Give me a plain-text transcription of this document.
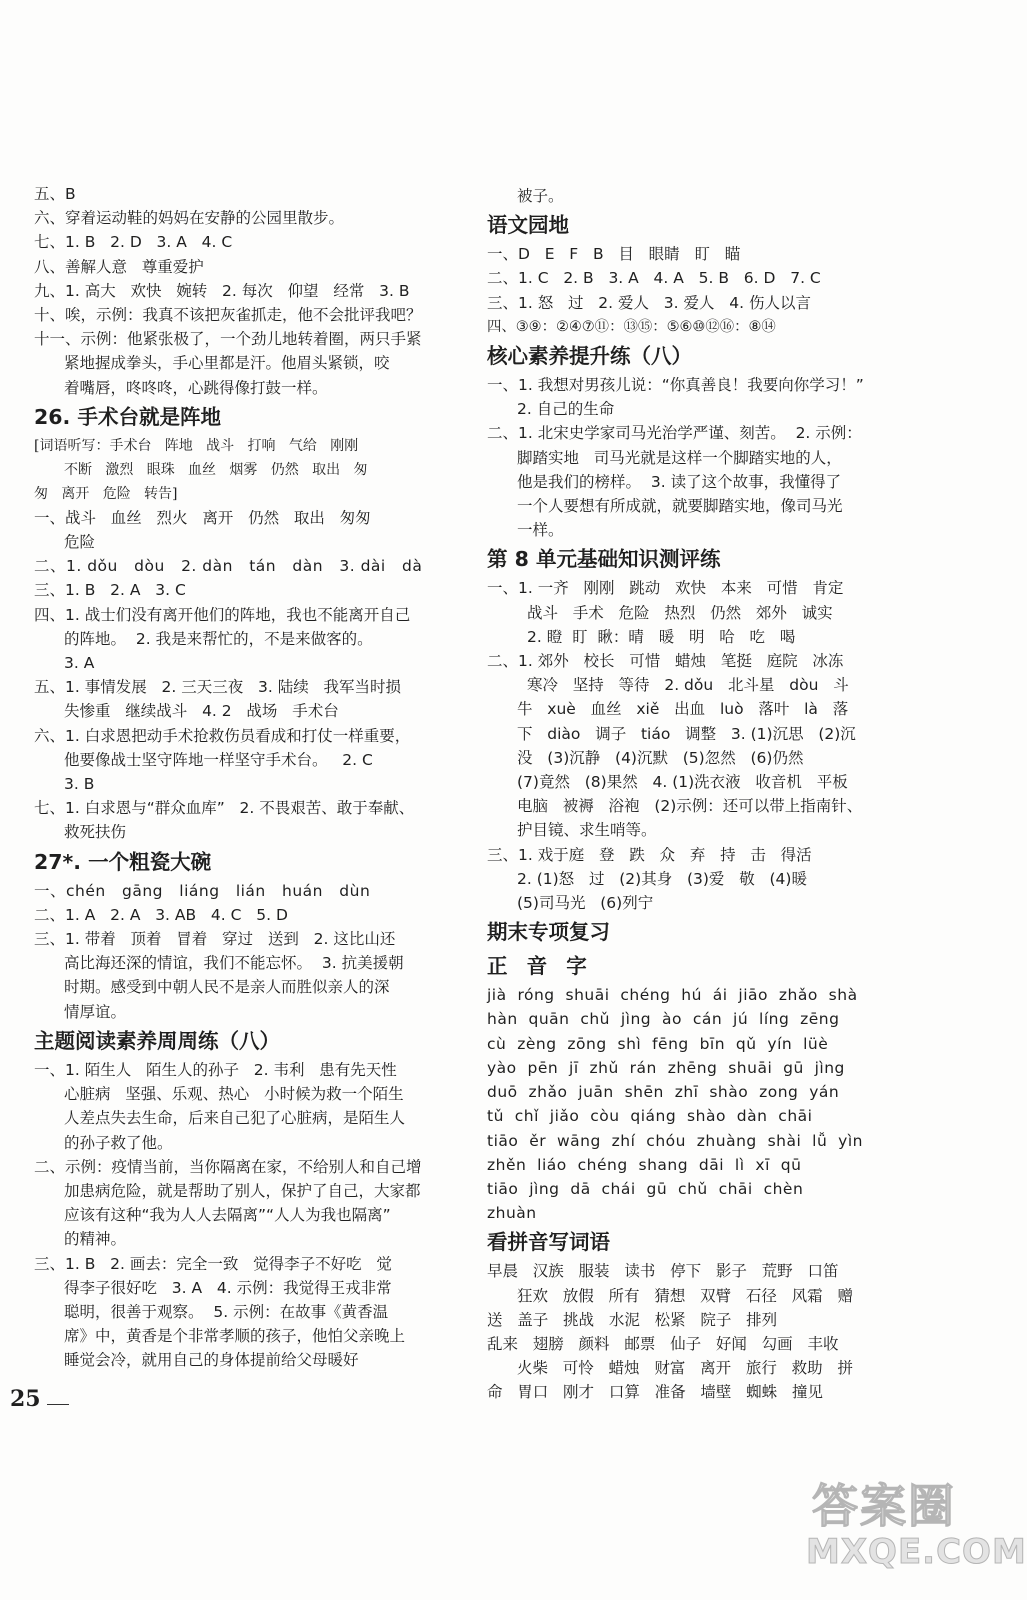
五、B
六、穿着运动鞋的妈妈在安静的公园里散步。
七、1. B   2. D   3. A   4. C
八、善解人意   尊重爱护
九、1. 高大   欢快   婉转   2. 每次   仰望   经常   3. B
十、唉，示例：我真不该把灰雀抓走，他不会批评我吧？
十一、示例：他紧张极了，一个劲儿地转着圈，两只手紧
紧地握成拳头，手心里都是汗。他眉头紧锁，咬
着嘴唇，咚咚咚，心跳得像打鼓一样。
26. 手术台就是阵地
[词语听写：手术台   阵地   战斗   打响   气给   刚刚
不断   激烈   眼珠   血丝   烟雾   仍然   取出   匆
匆   离开   危险   转告]
一、战斗   血丝   烈火   离开   仍然   取出   匆匆
危险
二、1. dǒu   dòu   2. dàn   tán   dàn   3. dài   dà
三、1. B   2. A   3. C
四、1. 战士们没有离开他们的阵地，我也不能离开自己
的阵地。  2. 我是来帮忙的，不是来做客的。
3. A
五、1. 事情发展   2. 三天三夜   3. 陆续   我军当时损
失惨重   继续战斗   4. 2   战场   手术台
六、1. 白求恩把动手术抢救伤员看成和打仗一样重要，
他要像战士坚守阵地一样坚守手术台。   2. C
3. B
七、1. 白求恩与“群众血库”   2. 不畏艰苦、敢于奉献、
救死扶伤
27*. 一个粗瓷大碗
一、chén   gāng   liáng   lián   huán   dùn
二、1. A   2. A   3. AB   4. C   5. D
三、1. 带着   顶着   冒着   穿过   送到   2. 这比山还
高比海还深的情谊，我们不能忘怀。  3. 抗美援朝
时期。感受到中朝人民不是亲人而胜似亲人的深
情厚谊。
主题阅读素养周周练（八）
一、1. 陌生人   陌生人的孙子   2. 韦利   患有先天性
心脏病   坚强、乐观、热心   小时候为救一个陌生
人差点失去生命，后来自己犯了心脏病，是陌生人
的孙子救了他。
二、示例：疫情当前，当你隔离在家，不给别人和自己增
加患病危险，就是帮助了别人，保护了自己，大家都
应该有这种“我为人人去隔离”“人人为我也隔离”
的精神。
三、1. B   2. 画去：完全一致   觉得李子不好吃   觉
得李子很好吃   3. A   4. 示例：我觉得王戎非常
聪明，很善于观察。  5. 示例：在故事《黄香温
席》中，黄香是个非常孝顺的孩子，他怕父亲晚上
睡觉会冷，就用自己的身体提前给父母暖好
被子。
语文园地
一、D   E   F   B   目   眼睛   盯   瞄
二、1. C   2. B   3. A   4. A   5. B   6. D   7. C
三、1. 怒   过   2. 爱人   3. 爱人   4. 伤人以言
四、③⑨：②④⑦⑪：⑬⑮：⑤⑥⑩⑫⑯：⑧⑭
核心素养提升练（八）
一、1. 我想对男孩儿说：“你真善良！我要向你学习！”
2. 自己的生命
二、1. 北宋史学家司马光治学严谨、刻苦。  2. 示例：
脚踏实地   司马光就是这样一个脚踏实地的人，
他是我们的榜样。  3. 读了这个故事，我懂得了
一个人要想有所成就，就要脚踏实地，像司马光
一样。
第 8 单元基础知识测评练
一、1. 一齐   刚刚   跳动   欢快   本来   可惜   肯定
战斗   手术   危险   热烈   仍然   郊外   诚实
2. 瞪  盯  瞅：晴   暖   明   哈   吃   喝
二、1. 郊外   校长   可惜   蜡烛   笔挺   庭院   冰冻
寒冷   坚持   等待   2. dǒu   北斗星   dòu   斗
牛   xuè   血丝   xiě   出血   luò   落叶   là   落
下   diào   调子   tiáo   调整   3. (1)沉思   (2)沉
没   (3)沉静   (4)沉默   (5)忽然   (6)仍然
(7)竟然   (8)果然   4. (1)洗衣液   收音机   平板
电脑   被褥   浴袍   (2)示例：还可以带上指南针、
护目镜、求生哨等。
三、1. 戏于庭   登   跌   众   弃   持   击   得活
2. (1)怒   过   (2)其身   (3)爱   敬   (4)暖
(5)司马光   (6)列宁
期末专项复习
正 音 字
jià  róng  shuāi  chéng  hú  ái  jiāo  zhǎo  shà
hàn  quān  chǔ  jìng  ào  cán  jú  líng  zēng
cù  zèng  zōng  shì  fēng  bīn  qǔ  yín  lüè
yào  pēn  jī  zhǔ  rán  zhēng  shuāi  gū  jìng
duō  zhǎo  juān  shēn  zhī  shào  zong  yán
tǔ  chǐ  jiǎo  còu  qiáng  shào  dàn  chāi
tiāo  ěr  wāng  zhí  chóu  zhuàng  shài  lǚ  yìn
zhěn  liáo  chéng  shang  dāi  lì  xī  qū
tiāo  jìng  dā  chái  gū  chǔ  chāi  chèn
zhuàn
看拼音写词语
早晨   汉族   服装   读书   停下   影子   荒野   口笛
狂欢   放假   所有   猜想   双臂   石径   风霜   赠
送   盖子   挑战   水泥   松紧   院子   排列
乱来   翅膀   颜料   邮票   仙子   好闻   勾画   丰收
火柴   可怜   蜡烛   财富   离开   旅行   救助   拼
命   胃口   刚才   口算   准备   墙壁   蜘蛛   撞见
25
答案圈
MXQE.COM
